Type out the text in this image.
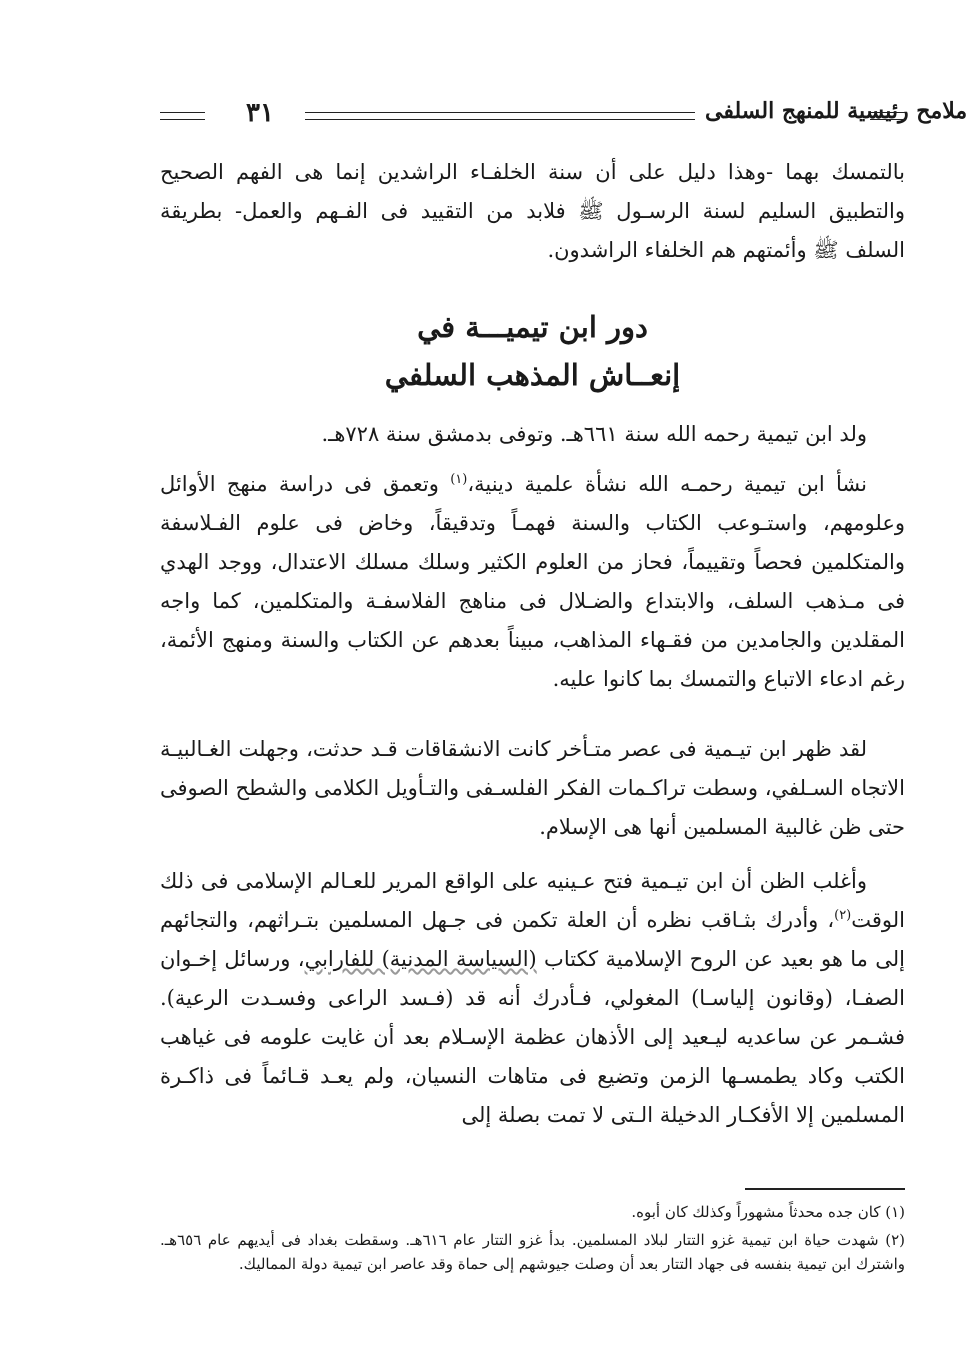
٣١	ملامح رئيسية للمنهج السلفى
بالتمسك بهما -وهذا دليل على أن سنة الخلفـاء الراشدين إنما هى الفهم الصحيح والتطبيق السليم لسنة الرسـول ﷺ فلابد من التقييد فى الفـهم والعمل- بطريقة السلف ﷺ وأئمتهم هم الخلفاء الراشدون.
دور ابن تيميـــة في
إنعــاش المذهب السلفي
ولد ابن تيمية رحمه الله سنة ٦٦١هـ. وتوفى بدمشق سنة ٧٢٨هـ.
نشأ ابن تيمية رحمـه الله نشأة علمية دينية،$^{(١)}$ وتعمق فى دراسة منهج الأوائل وعلومهم، واستـوعب الكتاب والسنة فهمـاً وتدقيقاً، وخاض فى علوم الفـلاسفة والمتكلمين فحصاً وتقييماً، فحاز من العلوم الكثير وسلك مسلك الاعتدال، ووجد الهدي فى مـذهب السلف، والابتداع والضـلال فى مناهج الفلاسفـة والمتكلمين، كما واجه المقلدين والجامدين من فقـهاء المذاهب، مبيناً بعدهم عن الكتاب والسنة ومنهج الأئمة، رغم ادعاء الاتباع والتمسك بما كانوا عليه.
لقد ظهر ابن تيـمية فى عصر متـأخر كانت الانشقاقات قـد حدثت، وجهلت الغـالبيـة الاتجاه السـلفي، وسطت تراكـمات الفكر الفلسـفى والتـأويل الكلامى والشطح الصوفى حتى ظن غالبية المسلمين أنها هى الإسلام.
وأغلب الظن أن ابن تيـمية فتح عـينيه على الواقع المرير للعـالم الإسلامى فى ذلك الوقت$^{(٢)}$، وأدرك بثـاقب نظره أن العلة تكمن فى جـهل المسلمين بتـراثهم، والتجائهم إلى ما هو بعيد عن الروح الإسلامية ككتاب (السياسة المدنية) للفارابي، ورسائل إخـوان الصفـا، (وقانون إلياسـا) المغولي، فـأدرك أنه قد (فـسد الراعى وفسـدت الرعية). فشـمر عن ساعديه ليـعيد إلى الأذهان عظمة الإسـلام بعد أن غايت علومه فى غياهب الكتب وكاد يطمسـها الزمن وتضيع فى متاهات النسيان، ولم يعـد قـائماً فى ذاكـرة المسلمين إلا الأفكـار الدخيلة الـتى لا تمت بصلة إلى

(١) كان جده محدثاً مشهوراً وكذلك كان أبوه.

(٢) شهدت حياة ابن تيمية غزو التتار لبلاد المسلمين. بدأ غزو التتار عام ٦١٦هـ. وسقطت بغداد فى أيديهم عام ٦٥٦هـ. واشترك ابن تيمية بنفسه فى جهاد التتار بعد أن وصلت جيوشهم إلى حماة وقد عاصر ابن تيمية دولة المماليك.
